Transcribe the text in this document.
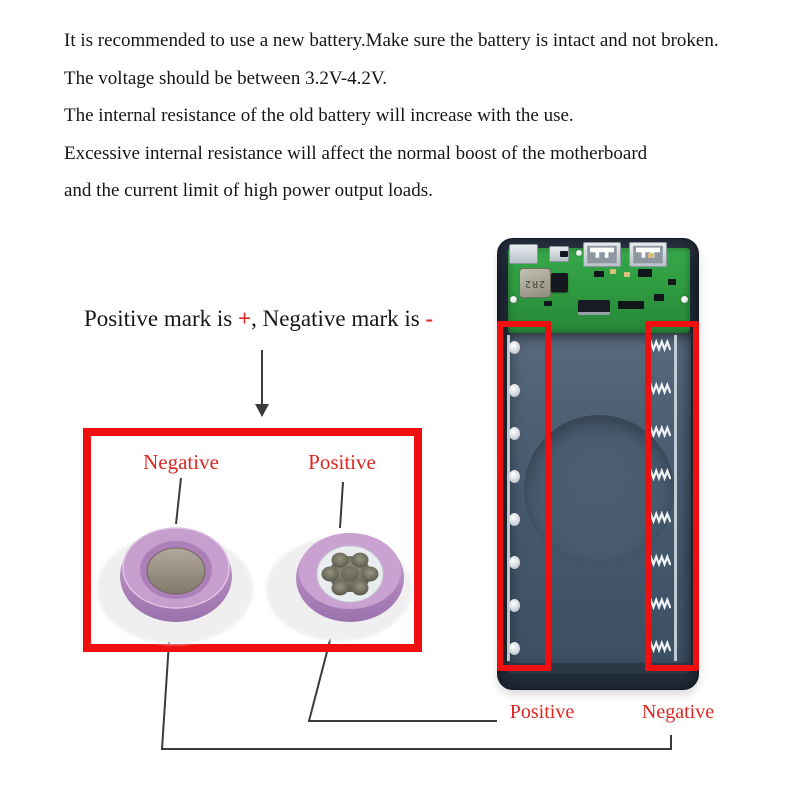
It is recommended to use a new battery.Make sure the battery is intact and not broken.
The voltage should be between 3.2V-4.2V.
The internal resistance of the old battery will increase with the use.
Excessive internal resistance will affect the normal boost of the motherboard
and the current limit of high power output loads.
Positive mark is +, Negative mark is -
Negative	Positive
2R2
Positive	Negative
